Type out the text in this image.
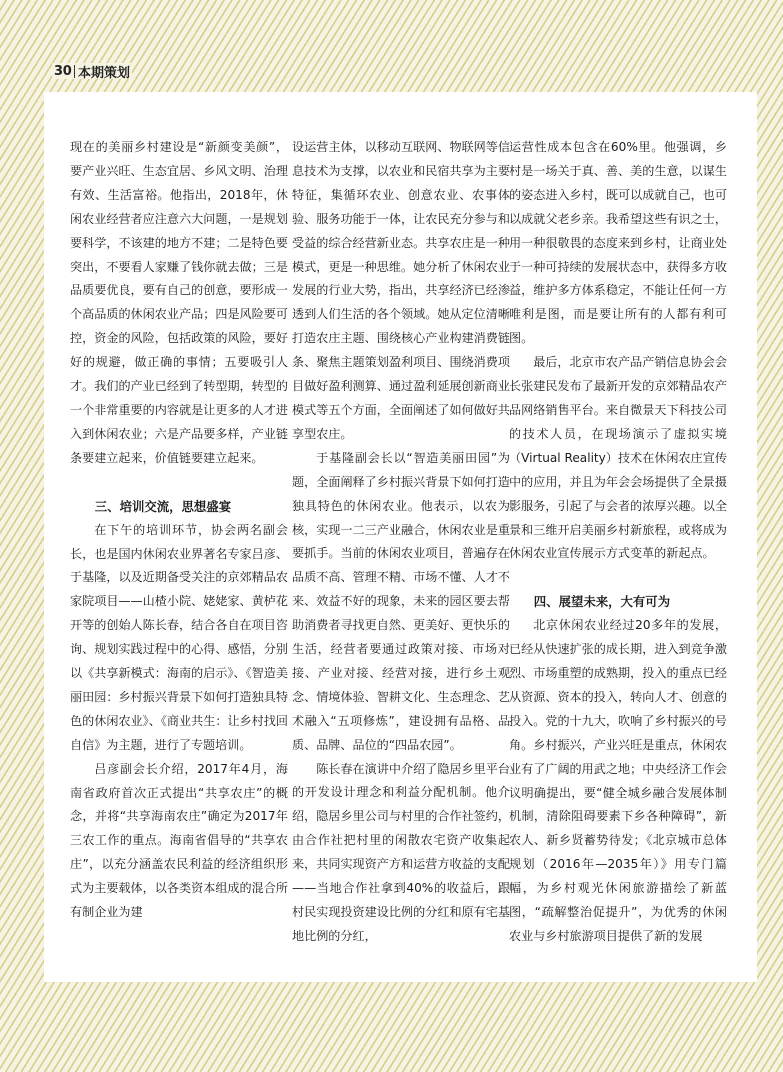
30 本期策划

现在的美丽乡村建设是“新颜变美颜”，要产业兴旺、生态宜居、乡风文明、治理有效、生活富裕。他指出，2018年，休闲农业经营者应注意六大问题，一是规划要科学，不该建的地方不建；二是特色要突出，不要看人家赚了钱你就去做；三是品质要优良，要有自己的创意，要形成一个高品质的休闲农业产品；四是风险要可控，资金的风险，包括政策的风险，要好好的规避，做正确的事情；五要吸引人才。我们的产业已经到了转型期，转型的一个非常重要的内容就是让更多的人才进入到休闲农业；六是产品要多样，产业链条要建立起来，价值链要建立起来。

三、培训交流，思想盛宴

在下午的培训环节，协会两名副会长，也是国内休闲农业界著名专家吕彦、于基隆，以及近期备受关注的京郊精品农家院项目——山楂小院、姥姥家、黄栌花开等的创始人陈长春，结合各自在项目咨询、规划实践过程中的心得、感悟，分别以《共享新模式：海南的启示》、《智造美丽田园：乡村振兴背景下如何打造独具特色的休闲农业》、《商业共生：让乡村找回自信》为主题，进行了专题培训。

吕彦副会长介绍，2017年4月，海南省政府首次正式提出“共享农庄”的概念，并将“共享海南农庄”确定为2017年三农工作的重点。海南省倡导的“共享农庄”，以充分涵盖农民利益的经济组织形式为主要载体，以各类资本组成的混合所有制企业为建

设运营主体，以移动互联网、物联网等信息技术为支撑，以农业和民宿共享为主要特征，集循环农业、创意农业、农事体验、服务功能于一体，让农民充分参与和受益的综合经营新业态。共享农庄是一种模式，更是一种思维。她分析了休闲农业发展的行业大势，指出，共享经济已经渗透到人们生活的各个领域。她从定位清晰打造农庄主题、围绕核心产业构建消费链条、聚焦主题策划盈利项目、围绕消费项目做好盈利测算、通过盈利延展创新商业模式等五个方面，全面阐述了如何做好共享型农庄。

于基隆副会长以“智造美丽田园”为题，全面阐释了乡村振兴背景下如何打造独具特色的休闲农业。他表示，以农为核，实现一二三产业融合，休闲农业是重要抓手。当前的休闲农业项目，普遍存在品质不高、管理不精、市场不懂、人才不来、效益不好的现象，未来的园区要去帮助消费者寻找更自然、更美好、更快乐的生活，经营者要通过政策对接、市场对接、产业对接、经营对接，进行乡土观念、情境体验、智耕文化、生态理念、艺术融入“五项修炼”，建设拥有品格、品质、品牌、品位的“四品农园”。

陈长春在演讲中介绍了隐居乡里平台的开发设计理念和利益分配机制。他介绍，隐居乡里公司与村里的合作社签约，由合作社把村里的闲散农宅资产收集起来，共同实现资产方和运营方收益的支配——当地合作社拿到40%的收益后，跟村民实现投资建设比例的分红和原有宅基地比例的分红，

运营性成本包含在60%里。他强调，乡村是一场关于真、善、美的生意，以谋生的姿态进入乡村，既可以成就自己，也可以成就父老乡亲。我希望这些有识之士，用一种很敬畏的态度来到乡村，让商业处于一种可持续的发展状态中，获得多方收益，维护多方体系稳定，不能让任何一方唯利是图，而是要让所有的人都有利可图。

最后，北京市农产品产销信息协会会长张建民发布了最新开发的京郊精品农产品网络销售平台。来自微景天下科技公司的技术人员，在现场演示了虚拟实境（Virtual Reality）技术在休闲农庄宣传中的应用，并且为年会会场提供了全景摄影服务，引起了与会者的浓厚兴趣。以全景和三维开启美丽乡村新旅程，或将成为休闲农业宣传展示方式变革的新起点。

四、展望未来，大有可为

北京休闲农业经过20多年的发展，已经从快速扩张的成长期，进入到竞争激烈、市场重塑的成熟期，投入的重点已经从资源、资本的投入，转向人才、创意的投入。党的十九大，吹响了乡村振兴的号角。乡村振兴，产业兴旺是重点，休闲农业有了广阔的用武之地；中央经济工作会议明确提出，要“健全城乡融合发展体制机制，清除阻碍要素下乡各种障碍”，新农人、新乡贤蓄势待发；《北京城市总体规划（2016年—2035年）》用专门篇幅，为乡村观光休闲旅游描绘了新蓝图，“疏解整治促提升”，为优秀的休闲农业与乡村旅游项目提供了新的发展
